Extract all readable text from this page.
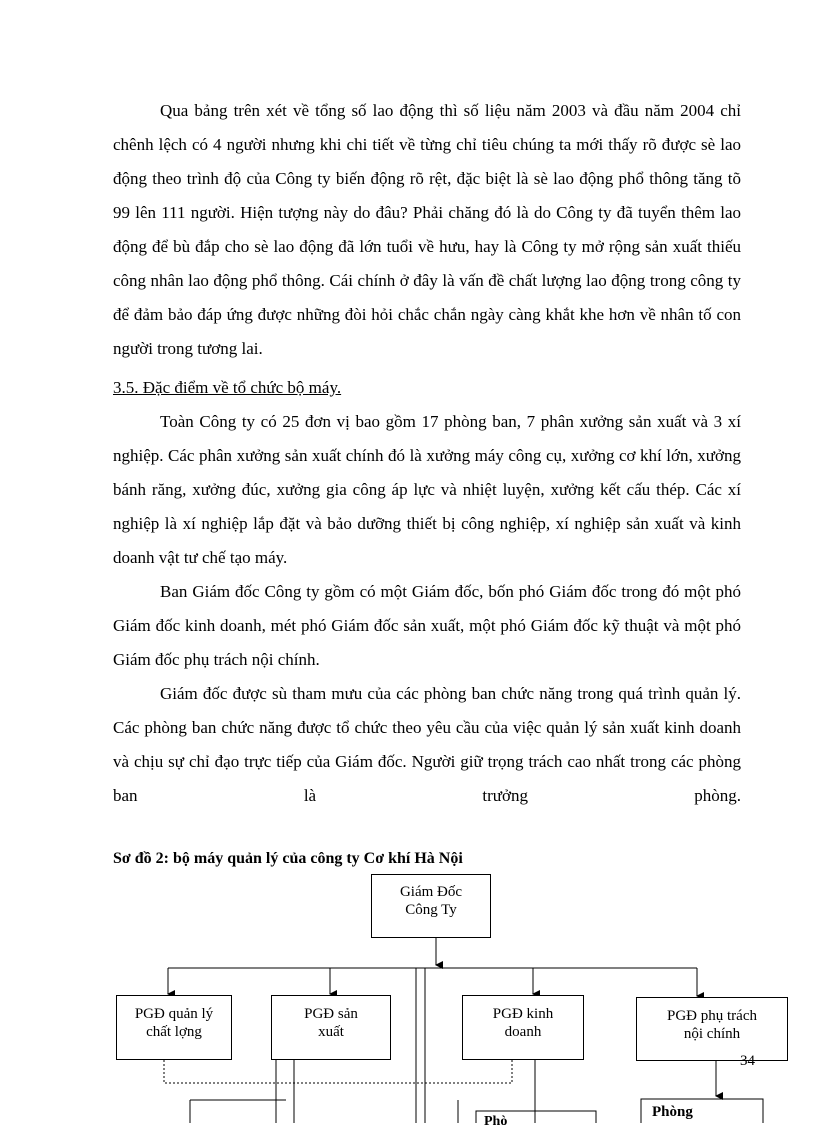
Qua bảng trên xét về tổng số lao động thì số liệu năm 2003 và đầu năm 2004 chỉ chênh lệch có 4 người nhưng khi chi tiết về từng chỉ tiêu chúng ta mới thấy rõ được sè lao động theo trình độ của Công ty biến động rõ rệt, đặc biệt là sè lao động phổ thông tăng tõ 99 lên 111 người. Hiện tượng này do đâu? Phải chăng đó là do Công ty đã tuyển thêm lao động để bù đắp cho sè lao động đã lớn tuổi về hưu, hay là Công ty mở rộng sản xuất thiếu công nhân lao động phổ thông. Cái chính ở đây là vấn đề chất lượng lao động trong công ty để đảm bảo đáp ứng được những đòi hỏi chắc chắn ngày càng khắt khe hơn về nhân tố con người trong tương lai.

3.5. Đặc điểm về tổ chức bộ máy.

Toàn Công ty có 25 đơn vị bao gồm 17 phòng ban, 7 phân xưởng sản xuất và 3 xí nghiệp. Các phân xưởng sản xuất chính đó là xưởng máy công cụ, xưởng cơ khí lớn, xưởng bánh răng, xưởng đúc, xưởng gia công áp lực và nhiệt luyện, xưởng kết cấu thép. Các xí nghiệp là xí nghiệp lắp đặt và bảo dưỡng thiết bị công nghiệp, xí nghiệp sản xuất và kinh doanh vật tư chế tạo máy.

Ban Giám đốc Công ty gồm có một Giám đốc, bốn phó Giám đốc trong đó một phó Giám đốc kinh doanh, mét phó Giám đốc sản xuất, một phó Giám đốc kỹ thuật và một phó Giám đốc phụ trách nội chính.

Giám đốc được sù tham mưu của các phòng ban chức năng trong quá trình quản lý. Các phòng ban chức năng được tổ chức theo yêu cầu của việc quản lý sản xuất kinh doanh và chịu sự chỉ đạo trực tiếp của Giám đốc. Người giữ trọng trách cao nhất trong các phòng ban là trưởng phòng.

Sơ đồ 2: bộ máy quản lý của công ty Cơ khí Hà Nội
Giám Đốc
Công Ty
PGĐ quản lý
chất lợng
PGĐ sản
xuất
PGĐ kinh
doanh
PGĐ phụ trách
nội chính
Phòng
Phò
34
